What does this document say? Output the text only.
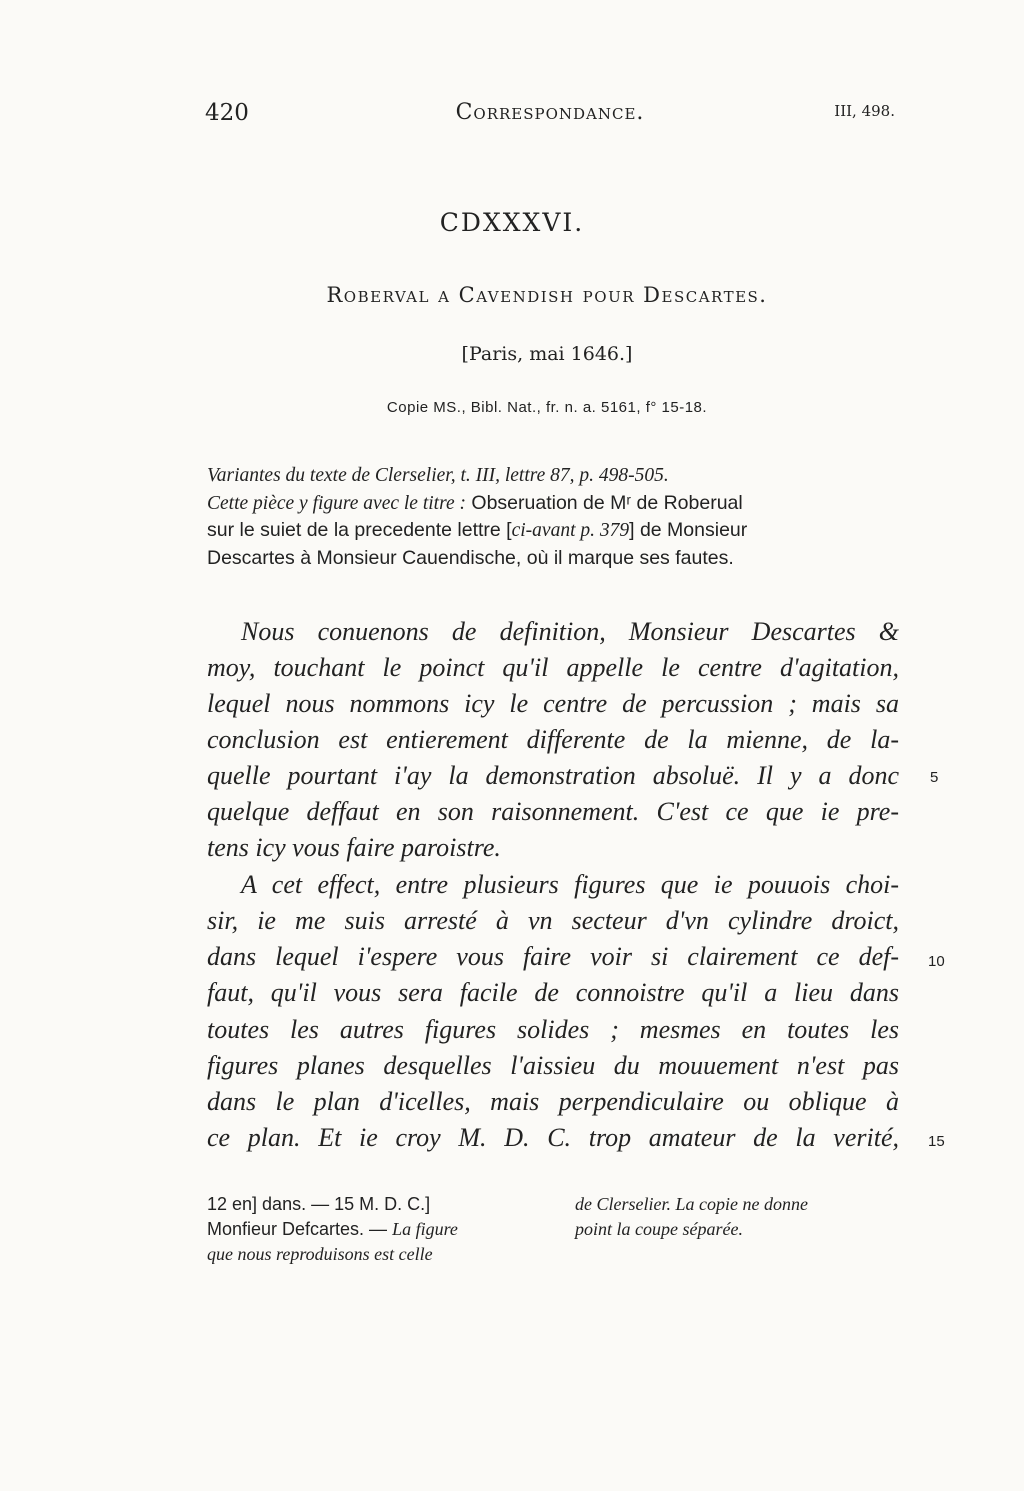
420	Correspondance.	III, 498.
CDXXXVI.
Roberval a Cavendish pour Descartes.
[Paris, mai 1646.]
Copie MS., Bibl. Nat., fr. n. a. 5161, f° 15-18.
Variantes du texte de Clerselier, t. III, lettre 87, p. 498-505.
Cette pièce y figure avec le titre : Obseruation de Mʳ de Roberual
sur le suiet de la precedente lettre [ci-avant p. 379] de Monsieur
Descartes à Monsieur Cauendische, où il marque ses fautes.
Nous conuenons de definition, Monsieur Descartes &
moy, touchant le poinct qu'il appelle le centre d'agitation,
lequel nous nommons icy le centre de percussion ; mais sa
conclusion est entierement differente de la mienne, de la-
quelle pourtant i'ay la demonstration absoluë. Il y a donc
quelque deffaut en son raisonnement. C'est ce que ie pre-
tens icy vous faire paroistre.
A cet effect, entre plusieurs figures que ie pouuois choi-
sir, ie me suis arresté à vn secteur d'vn cylindre droict,
dans lequel i'espere vous faire voir si clairement ce def-
faut, qu'il vous sera facile de connoistre qu'il a lieu dans
toutes les autres figures solides ; mesmes en toutes les
figures planes desquelles l'aissieu du mouuement n'est pas
dans le plan d'icelles, mais perpendiculaire ou oblique à
ce plan. Et ie croy M. D. C. trop amateur de la verité,
5
10
15
12 en] dans. — 15 M. D. C.]
Monfieur Defcartes. — La figure
que nous reproduisons est celle
de Clerselier. La copie ne donne
point la coupe séparée.
